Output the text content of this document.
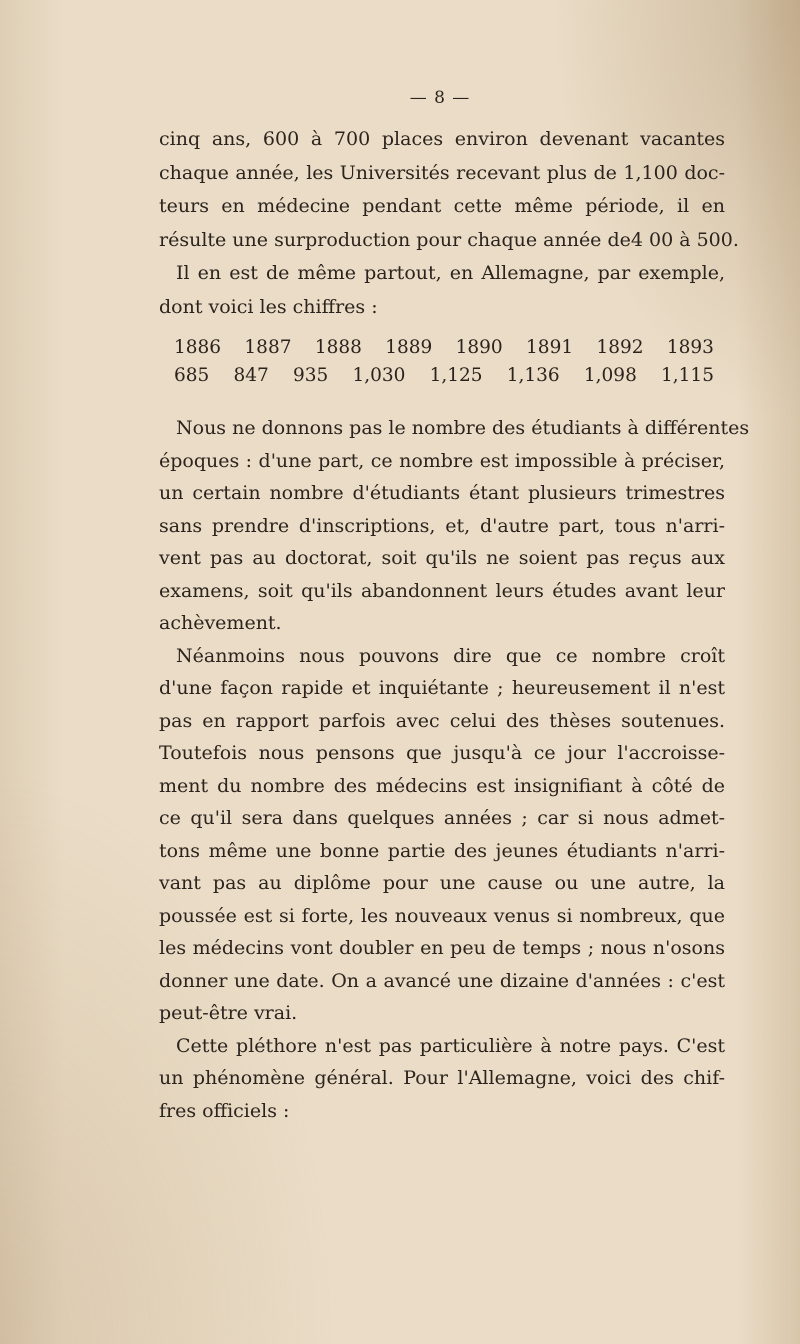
— 8 —
cinq ans, 600 à 700 places environ devenant vacantes
chaque année, les Universités recevant plus de 1,100 doc-
teurs en médecine pendant cette même période, il en
résulte une surproduction pour chaque année de4 00 à 500.
Il en est de même partout, en Allemagne, par exemple,
dont voici les chiffres :
1886 1887 1888 1889 1890 1891 1892 1893
685 847 935 1,030 1,125 1,136 1,098 1,115
Nous ne donnons pas le nombre des étudiants à différentes
époques : d'une part, ce nombre est impossible à préciser,
un certain nombre d'étudiants étant plusieurs trimestres
sans prendre d'inscriptions, et, d'autre part, tous n'arri-
vent pas au doctorat, soit qu'ils ne soient pas reçus aux
examens, soit qu'ils abandonnent leurs études avant leur
achèvement.
Néanmoins nous pouvons dire que ce nombre croît
d'une façon rapide et inquiétante ; heureusement il n'est
pas en rapport parfois avec celui des thèses soutenues.
Toutefois nous pensons que jusqu'à ce jour l'accroisse-
ment du nombre des médecins est insignifiant à côté de
ce qu'il sera dans quelques années ; car si nous admet-
tons même une bonne partie des jeunes étudiants n'arri-
vant pas au diplôme pour une cause ou une autre, la
poussée est si forte, les nouveaux venus si nombreux, que
les médecins vont doubler en peu de temps ; nous n'osons
donner une date. On a avancé une dizaine d'années : c'est
peut-être vrai.
Cette pléthore n'est pas particulière à notre pays. C'est
un phénomène général. Pour l'Allemagne, voici des chif-
fres officiels :
